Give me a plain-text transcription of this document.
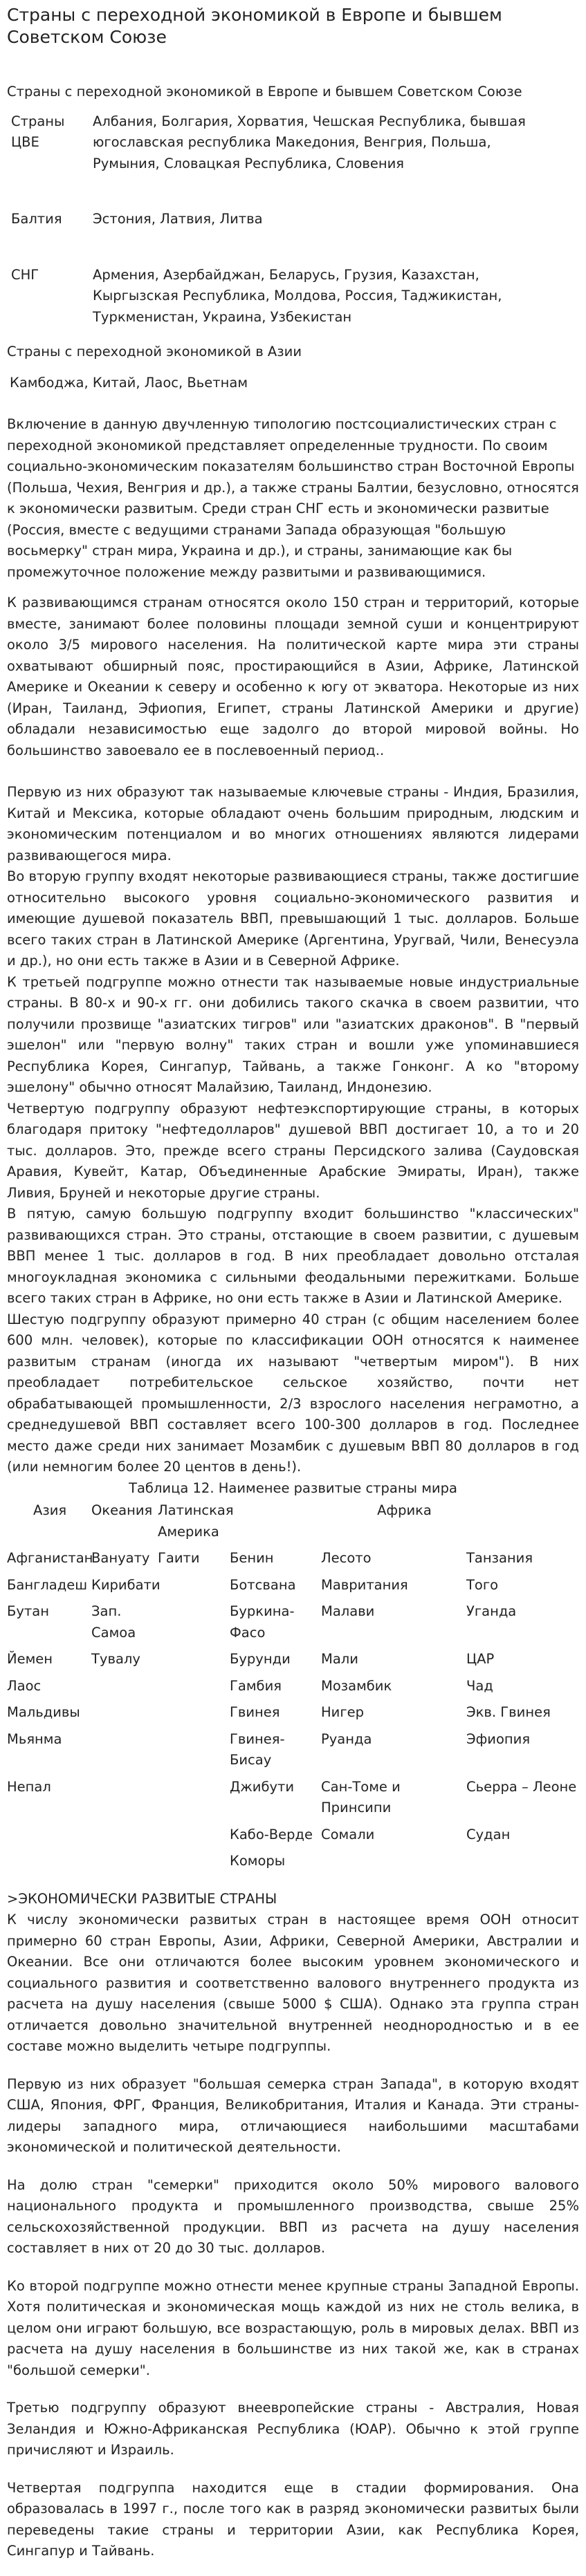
Страны с переходной экономикой в Европе и бывшем Советском Союзе

Страны с переходной экономикой в Европе и бывшем Советском Союзе

Страны ЦВЕ	Албания, Болгария, Хорватия, Чешская Республика, бывшая югославская республика Македония, Венгрия, Польша, Румыния, Словацкая Республика, Словения
Балтия	Эстония, Латвия, Литва
СНГ	Армения, Азербайджан, Беларусь, Грузия, Казахстан, Кыргызская Республика, Молдова, Россия, Таджикистан, Туркменистан, Украина, Узбекистан

Страны с переходной экономикой в Азии

Камбоджа, Китай, Лаос, Вьетнам

Включение в данную двучленную типологию постсоциалистических стран с переходной экономикой представляет определенные трудности. По своим социально-экономическим показателям большинство стран Восточной Европы (Польша, Чехия, Венгрия и др.), а также страны Балтии, безусловно, относятся к экономически развитым. Среди стран СНГ есть и экономически развитые (Россия, вместе с ведущими странами Запада образующая "большую восьмерку" стран мира, Украина и др.), и страны, занимающие как бы промежуточное положение между развитыми и развивающимися.

К развивающимся странам относятся около 150 стран и территорий, которые вместе, занимают более половины площади земной суши и концентрируют около 3/5 мирового населения. На политической карте мира эти страны охватывают обширный пояс, простирающийся в Азии, Африке, Латинской Америке и Океании к северу и особенно к югу от экватора. Некоторые из них (Иран, Таиланд, Эфиопия, Египет, страны Латинской Америки и другие) обладали независимостью еще задолго до второй мировой войны. Но большинство завоевало ее в послевоенный период..

Первую из них образуют так называемые ключевые страны - Индия, Бразилия, Китай и Мексика, которые обладают очень большим природным, людским и экономическим потенциалом и во многих отношениях являются лидерами развивающегося мира.

Во вторую группу входят некоторые развивающиеся страны, также достигшие относительно высокого уровня социально-экономического развития и имеющие душевой показатель ВВП, превышающий 1 тыс. долларов. Больше всего таких стран в Латинской Америке (Аргентина, Уругвай, Чили, Венесуэла и др.), но они есть также в Азии и в Северной Африке.

К третьей подгруппе можно отнести так называемые новые индустриальные страны. В 80-х и 90-х гг. они добились такого скачка в своем развитии, что получили прозвище "азиатских тигров" или "азиатских драконов". В "первый эшелон" или "первую волну" таких стран и вошли уже упоминавшиеся Республика Корея, Сингапур, Тайвань, а также Гонконг. А ко "второму эшелону" обычно относят Малайзию, Таиланд, Индонезию.

Четвертую подгруппу образуют нефтеэкспортирующие страны, в которых благодаря притоку "нефтедолларов" душевой ВВП достигает 10, а то и 20 тыс. долларов. Это, прежде всего страны Персидского залива (Саудовская Аравия, Кувейт, Катар, Объединенные Арабские Эмираты, Иран), также Ливия, Бруней и некоторые другие страны.

В пятую, самую большую подгруппу входит большинство "классических" развивающихся стран. Это страны, отстающие в своем развитии, с душевым ВВП менее 1 тыс. долларов в год. В них преобладает довольно отсталая многоукладная экономика с сильными феодальными пережитками. Больше всего таких стран в Африке, но они есть также в Азии и Латинской Америке.

Шестую подгруппу образуют примерно 40 стран (с общим населением более 600 млн. человек), которые по классификации ООН относятся к наименее развитым странам (иногда их называют "четвертым миром"). В них преобладает потребительское сельское хозяйство, почти нет обрабатывающей промышленности, 2/3 взрослого населения неграмотно, а среднедушевой ВВП составляет всего 100-300 долларов в год. Последнее место даже среди них занимает Мозамбик с душевым ВВП 80 долларов в год (или немногим более 20 центов в день!).

Таблица 12. Наименее развитые страны мира

Азия	Океания	Латинская Америка	Африка		
Афганистан	Вануату	Гаити	Бенин	Лесото	Танзания
Бангладеш	Кирибати		Ботсвана	Мавритания	Того
Бутан	Зап. Самоа		Буркина-Фасо	Малави	Уганда
Йемен	Тувалу		Бурунди	Мали	ЦАР
Лаос			Гамбия	Мозамбик	Чад
Мальдивы			Гвинея	Нигер	Экв. Гвинея
Мьянма			Гвинея-Бисау	Руанда	Эфиопия
Непал			Джибути	Сан-Томе и Принсипи	Сьерра – Леоне
			Кабо-Верде	Сомали	Судан
			Коморы		

>ЭКОНОМИЧЕСКИ РАЗВИТЫЕ СТРАНЫ

К числу экономически развитых стран в настоящее время ООН относит примерно 60 стран Европы, Азии, Африки, Северной Америки, Австралии и Океании. Все они отличаются более высоким уровнем экономического и социального развития и соответственно валового внутреннего продукта из расчета на душу населения (свыше 5000 $ США). Однако эта группа стран отличается довольно значительной внутренней неоднородностью и в ее составе можно выделить четыре подгруппы.

Первую из них образует "большая семерка стран Запада", в которую входят США, Япония, ФРГ, Франция, Великобритания, Италия и Канада. Эти страны-лидеры западного мира, отличающиеся наибольшими масштабами экономической и политической деятельности.

На долю стран "семерки" приходится около 50% мирового валового национального продукта и промышленного производства, свыше 25% сельскохозяйственной продукции. ВВП из расчета на душу населения составляет в них от 20 до 30 тыс. долларов.

Ко второй подгруппе можно отнести менее крупные страны Западной Европы. Хотя политическая и экономическая мощь каждой из них не столь велика, в целом они играют большую, все возрастающую, роль в мировых делах. ВВП из расчета на душу населения в большинстве из них такой же, как в странах "большой семерки".

Третью подгруппу образуют внеевропейские страны - Австралия, Новая Зеландия и Южно-Африканская Республика (ЮАР). Обычно к этой группе причисляют и Израиль.

Четвертая подгруппа находится еще в стадии формирования. Она образовалась в 1997 г., после того как в разряд экономически развитых были переведены такие страны и территории Азии, как Республика Корея, Сингапур и Тайвань.
